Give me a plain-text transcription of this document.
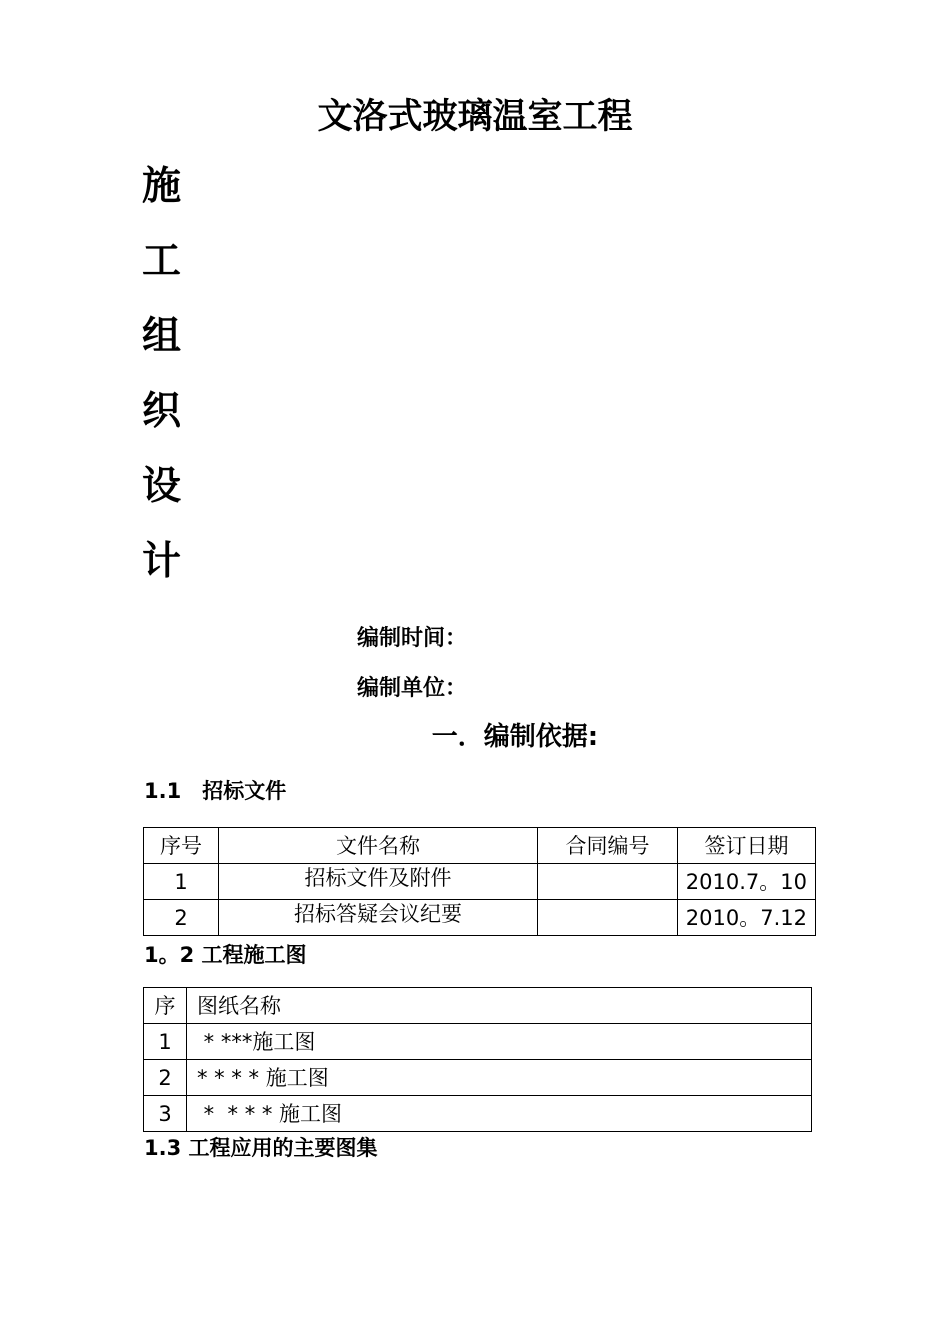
文洛式玻璃温室工程
施
工
组
织
设
计
编制时间：
编制单位：
一．编制依据:
1.1　招标文件
序号	文件名称	合同编号	签订日期
1	招标文件及附件		2010.7。10
2	招标答疑会议纪要		2010。7.12
1。2 工程施工图
序	图纸名称
1	* ***施工图
2	* * * * 施工图
3	*  * * * 施工图
1.3 工程应用的主要图集
